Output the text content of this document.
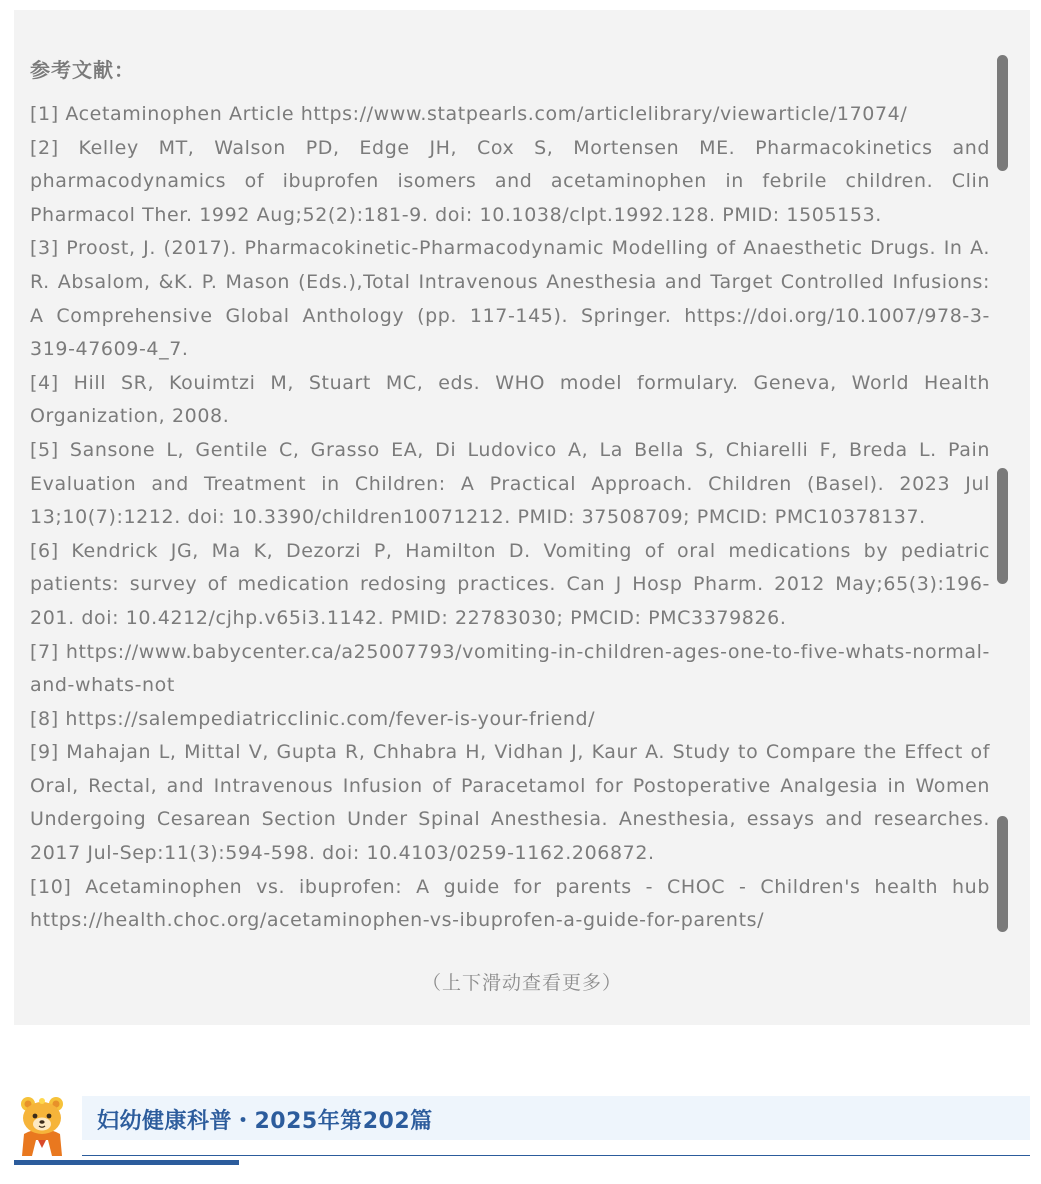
参考文献：

[1] Acetaminophen Article https://www.statpearls.com/articlelibrary/viewarticle/17074/

[2] Kelley MT, Walson PD, Edge JH, Cox S, Mortensen ME. Pharmacokinetics and pharmacodynamics of ibuprofen isomers and acetaminophen in febrile children. Clin Pharmacol Ther. 1992 Aug;52(2):181-9. doi: 10.1038/clpt.1992.128. PMID: 1505153.

[3] Proost, J. (2017). Pharmacokinetic-Pharmacodynamic Modelling of Anaesthetic Drugs. In A. R. Absalom, &K. P. Mason (Eds.),Total Intravenous Anesthesia and Target Controlled Infusions: A Comprehensive Global Anthology (pp. 117-145). Springer. https://doi.org/10.1007/978-3-319-47609-4_7.

[4] Hill SR, Kouimtzi M, Stuart MC, eds. WHO model formulary. Geneva, World Health Organization, 2008.

[5] Sansone L, Gentile C, Grasso EA, Di Ludovico A, La Bella S, Chiarelli F, Breda L. Pain Evaluation and Treatment in Children: A Practical Approach. Children (Basel). 2023 Jul 13;10(7):1212. doi: 10.3390/children10071212. PMID: 37508709; PMCID: PMC10378137.

[6] Kendrick JG, Ma K, Dezorzi P, Hamilton D. Vomiting of oral medications by pediatric patients: survey of medication redosing practices. Can J Hosp Pharm. 2012 May;65(3):196-201. doi: 10.4212/cjhp.v65i3.1142. PMID: 22783030; PMCID: PMC3379826.

[7] https://www.babycenter.ca/a25007793/vomiting-in-children-ages-one-to-five-whats-normal-and-whats-not

[8] https://salempediatricclinic.com/fever-is-your-friend/

[9] Mahajan L, Mittal V, Gupta R, Chhabra H, Vidhan J, Kaur A. Study to Compare the Effect of Oral, Rectal, and Intravenous Infusion of Paracetamol for Postoperative Analgesia in Women Undergoing Cesarean Section Under Spinal Anesthesia. Anesthesia, essays and researches. 2017 Jul-Sep:11(3):594-598. doi: 10.4103/0259-1162.206872.

[10] Acetaminophen vs. ibuprofen: A guide for parents - CHOC - Children's health hub https://health.choc.org/acetaminophen-vs-ibuprofen-a-guide-for-parents/

（上下滑动查看更多）
妇幼健康科普・2025年第202篇
